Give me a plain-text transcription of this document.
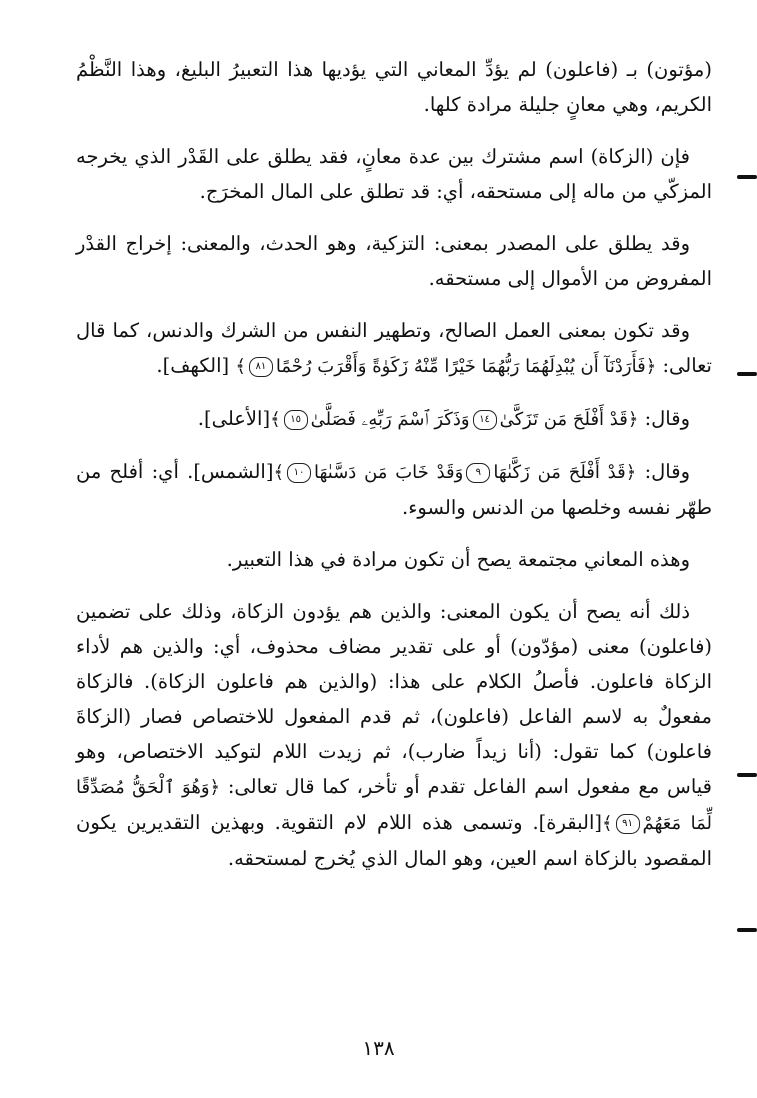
(مؤتون) بـ (فاعلون) لم يؤدِّ المعاني التي يؤديها هذا التعبيرُ البليغ، وهذا النَّظْمُ الكريم، وهي معانٍ جليلة مرادة كلها.

فإن (الزكاة) اسم مشترك بين عدة معانٍ، فقد يطلق على القَدْر الذي يخرجه المزكّي من ماله إلى مستحقه، أي: قد تطلق على المال المخرَج.

وقد يطلق على المصدر بمعنى: التزكية، وهو الحدث، والمعنى: إخراج القدْر المفروض من الأموال إلى مستحقه.

وقد تكون بمعنى العمل الصالح، وتطهير النفس من الشرك والدنس، كما قال تعالى: ﴿فَأَرَدْنَآ أَن يُبْدِلَهُمَا رَبُّهُمَا خَيْرًا مِّنْهُ زَكَوٰةً وَأَقْرَبَ رُحْمًا٨١﴾ [الكهف].

وقال: ﴿قَدْ أَفْلَحَ مَن تَزَكَّىٰ١٤وَذَكَرَ ٱسْمَ رَبِّهِۦ فَصَلَّىٰ١٥﴾[الأعلى].

وقال: ﴿قَدْ أَفْلَحَ مَن زَكَّىٰهَا٩وَقَدْ خَابَ مَن دَسَّىٰهَا١٠﴾[الشمس]. أي: أفلح من طهّر نفسه وخلصها من الدنس والسوء.

وهذه المعاني مجتمعة يصح أن تكون مرادة في هذا التعبير.

ذلك أنه يصح أن يكون المعنى: والذين هم يؤدون الزكاة، وذلك على تضمين (فاعلون) معنى (مؤدّون) أو على تقدير مضاف محذوف، أي: والذين هم لأداء الزكاة فاعلون. فأصلُ الكلام على هذا: (والذين هم فاعلون الزكاة). فالزكاة مفعولٌ به لاسم الفاعل (فاعلون)، ثم قدم المفعول للاختصاص فصار (الزكاةَ فاعلون) كما تقول: (أنا زيداً ضارب)، ثم زيدت اللام لتوكيد الاختصاص، وهو قياس مع مفعول اسم الفاعل تقدم أو تأخر، كما قال تعالى: ﴿وَهُوَ ٱلْحَقُّ مُصَدِّقًا لِّمَا مَعَهُمْ٩١﴾[البقرة]. وتسمى هذه اللام لام التقوية. وبهذين التقديرين يكون المقصود بالزكاة اسم العين، وهو المال الذي يُخرج لمستحقه.

١٣٨
